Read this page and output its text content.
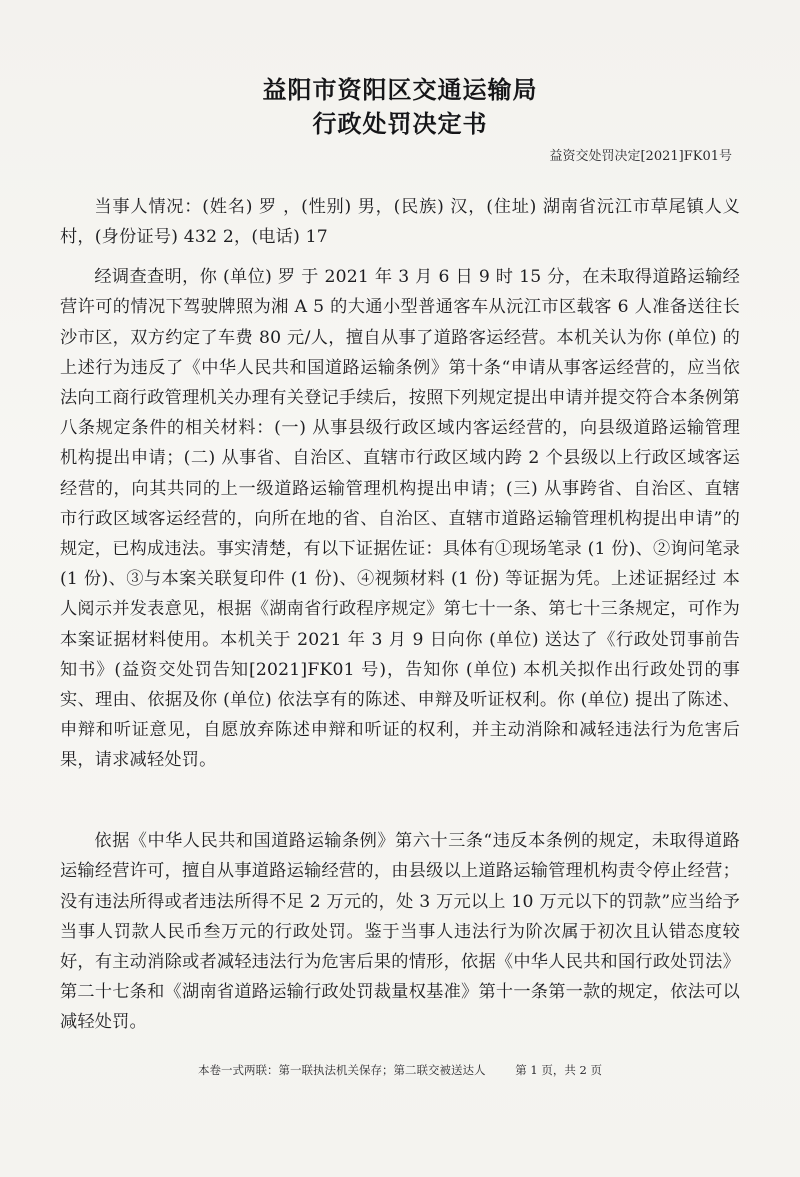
益阳市资阳区交通运输局
行政处罚决定书
益资交处罚决定[2021]FK01号

当事人情况：(姓名) 罗 ，(性别) 男，(民族) 汉，(住址) 湖南省沅江市草尾镇人义村，(身份证号) 432 2，(电话) 17

经调查查明，你 (单位) 罗 于 2021 年 3 月 6 日 9 时 15 分，在未取得道路运输经营许可的情况下驾驶牌照为湘 A 5 的大通小型普通客车从沅江市区载客 6 人准备送往长沙市区，双方约定了车费 80 元/人，擅自从事了道路客运经营。本机关认为你 (单位) 的上述行为违反了《中华人民共和国道路运输条例》第十条“申请从事客运经营的，应当依法向工商行政管理机关办理有关登记手续后，按照下列规定提出申请并提交符合本条例第八条规定条件的相关材料：(一) 从事县级行政区域内客运经营的，向县级道路运输管理机构提出申请；(二) 从事省、自治区、直辖市行政区域内跨 2 个县级以上行政区域客运经营的，向其共同的上一级道路运输管理机构提出申请；(三) 从事跨省、自治区、直辖市行政区域客运经营的，向所在地的省、自治区、直辖市道路运输管理机构提出申请”的规定，已构成违法。事实清楚，有以下证据佐证：具体有①现场笔录 (1 份)、②询问笔录 (1 份)、③与本案关联复印件 (1 份)、④视频材料 (1 份) 等证据为凭。上述证据经过 本人阅示并发表意见，根据《湖南省行政程序规定》第七十一条、第七十三条规定，可作为本案证据材料使用。本机关于 2021 年 3 月 9 日向你 (单位) 送达了《行政处罚事前告知书》(益资交处罚告知[2021]FK01 号)，告知你 (单位) 本机关拟作出行政处罚的事实、理由、依据及你 (单位) 依法享有的陈述、申辩及听证权利。你 (单位) 提出了陈述、申辩和听证意见，自愿放弃陈述申辩和听证的权利，并主动消除和减轻违法行为危害后果，请求减轻处罚。

依据《中华人民共和国道路运输条例》第六十三条“违反本条例的规定，未取得道路运输经营许可，擅自从事道路运输经营的，由县级以上道路运输管理机构责令停止经营；没有违法所得或者违法所得不足 2 万元的，处 3 万元以上 10 万元以下的罚款”应当给予当事人罚款人民币叁万元的行政处罚。鉴于当事人违法行为阶次属于初次且认错态度较好，有主动消除或者减轻违法行为危害后果的情形，依据《中华人民共和国行政处罚法》第二十七条和《湖南省道路运输行政处罚裁量权基准》第十一条第一款的规定，依法可以减轻处罚。

本卷一式两联：第一联执法机关保存；第二联交被送达人	第 1 页，共 2 页
